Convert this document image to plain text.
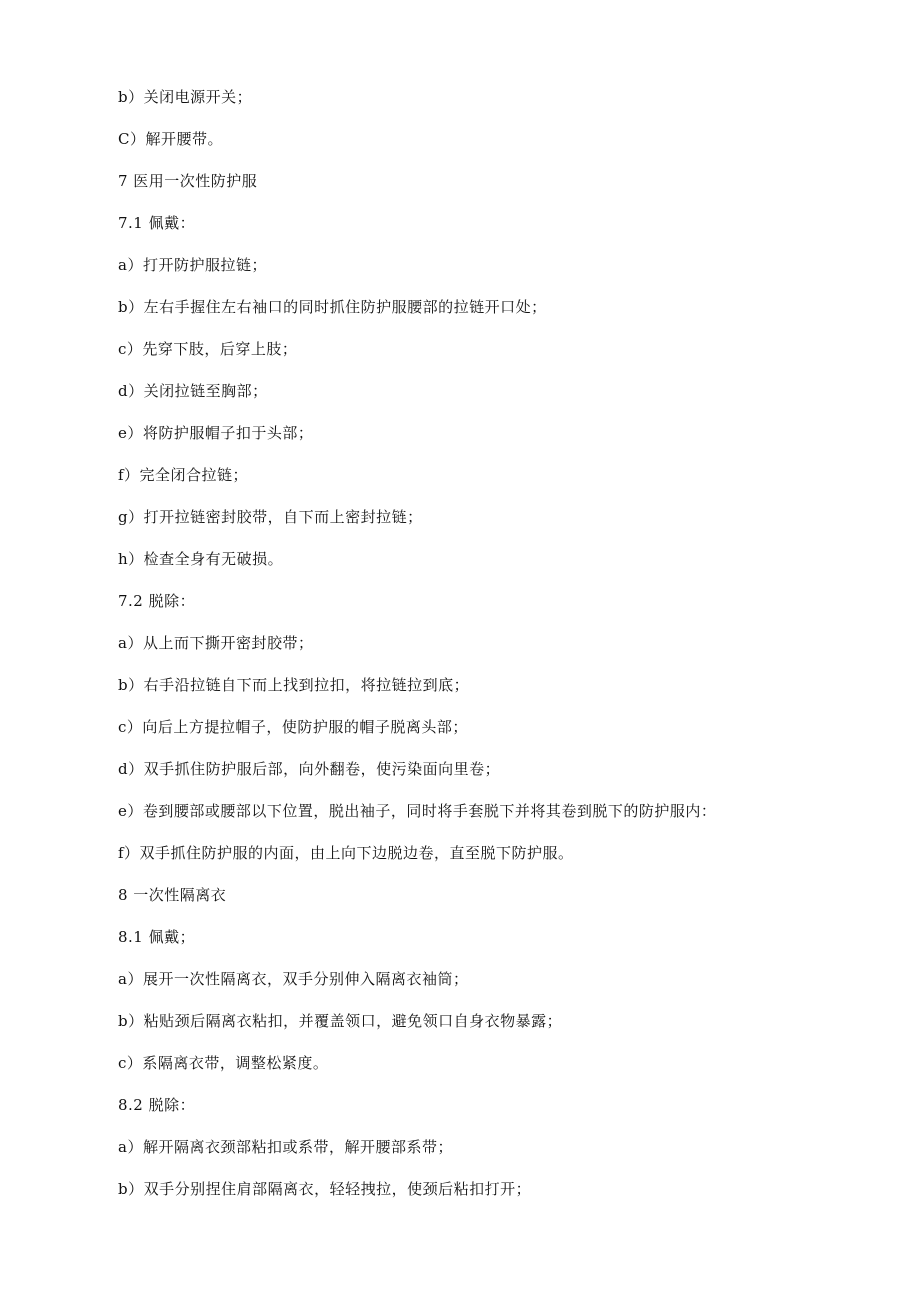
b）关闭电源开关；
C）解开腰带。
7 医用一次性防护服
7.1 佩戴：
a）打开防护服拉链；
b）左右手握住左右袖口的同时抓住防护服腰部的拉链开口处；
c）先穿下肢，后穿上肢；
d）关闭拉链至胸部；
e）将防护服帽子扣于头部；
f）完全闭合拉链；
g）打开拉链密封胶带，自下而上密封拉链；
h）检查全身有无破损。
7.2 脱除：
a）从上而下撕开密封胶带；
b）右手沿拉链自下而上找到拉扣，将拉链拉到底；
c）向后上方提拉帽子，使防护服的帽子脱离头部；
d）双手抓住防护服后部，向外翻卷，使污染面向里卷；
e）卷到腰部或腰部以下位置，脱出袖子，同时将手套脱下并将其卷到脱下的防护服内：
f）双手抓住防护服的内面，由上向下边脱边卷，直至脱下防护服。
8 一次性隔离衣
8.1 佩戴；
a）展开一次性隔离衣，双手分别伸入隔离衣袖筒；
b）粘贴颈后隔离衣粘扣，并覆盖领口，避免领口自身衣物暴露；
c）系隔离衣带，调整松紧度。
8.2 脱除：
a）解开隔离衣颈部粘扣或系带，解开腰部系带；
b）双手分别捏住肩部隔离衣，轻轻拽拉，使颈后粘扣打开；
